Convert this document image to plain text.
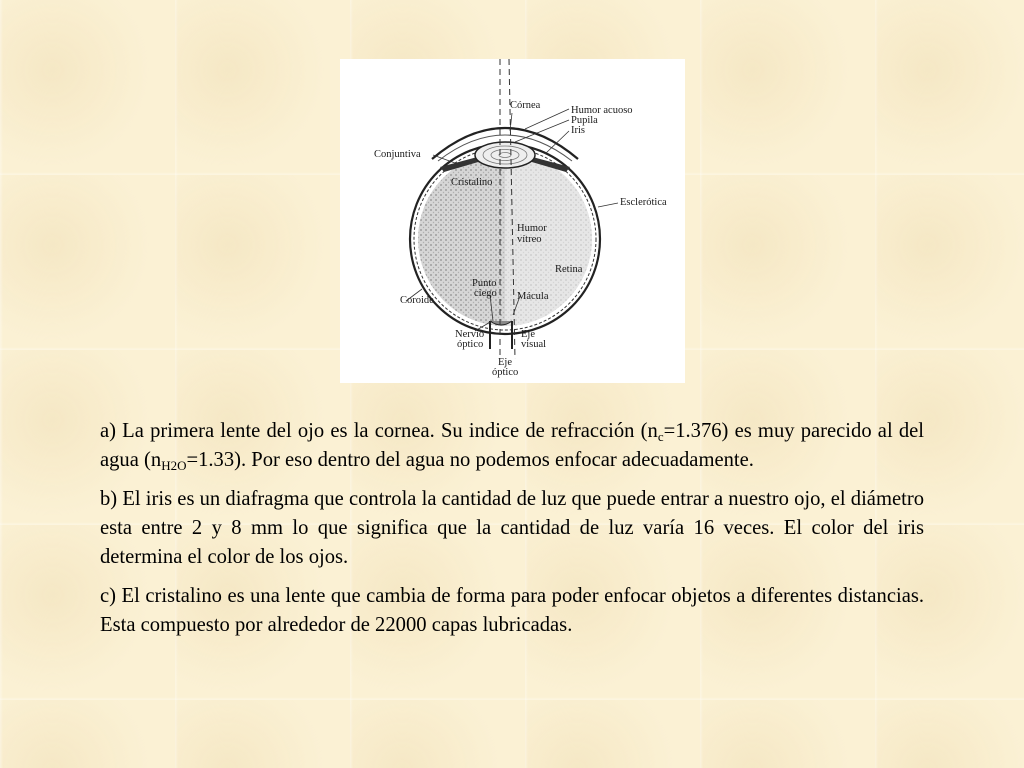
Córnea	Humor acuoso
Pupila
Iris
Conjuntiva
Cristalino
Esclerótica
Humor
vítreo
Retina
Punto
ciego
Coroide	Mácula
Nervio
óptico
Eje
visual
Eje
óptico

a) La primera lente del ojo es la cornea. Su indice de refracción $(n_c=1.376)$ es muy parecido al del agua $(n_{H2O}=1.33)$. Por eso dentro del agua no podemos enfocar adecuadamente.

b) El iris es un diafragma que controla la cantidad de luz que puede entrar a nuestro ojo, el diámetro esta entre 2 y 8 mm lo que significa que la cantidad de luz varía 16 veces. El color del iris determina el color de los ojos.

c) El cristalino es una lente que cambia de forma para poder enfocar objetos a diferentes distancias. Esta compuesto por alrededor de 22000 capas lubricadas.
